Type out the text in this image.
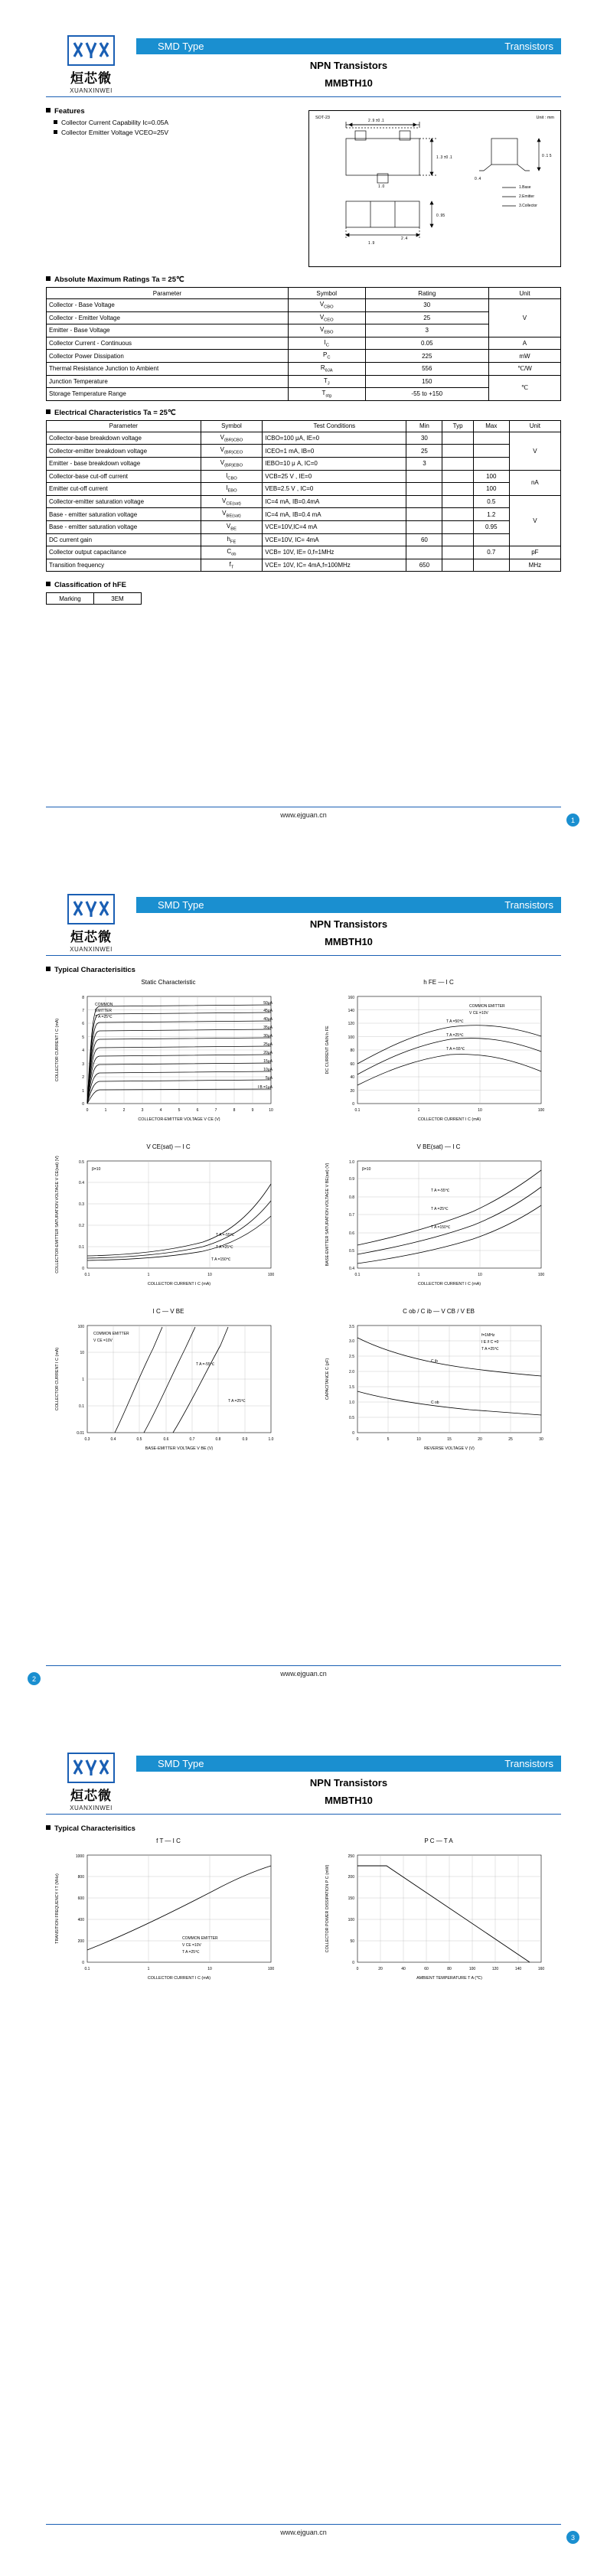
烜芯微
XUANXINWEI
SMD Type	Transistors
NPN Transistors
MMBTH10
Features
Collector Current Capability Ic=0.05A
Collector Emitter Voltage VCEO=25V
SOT-23	Unit : mm
2 .9 ±0 .1
1 .3 ±0 .1
1 .9
0 .95
0 .1 5
0 .4
1.Base
2.Emitter
3.Collector
1 .0
2 .4
Absolute Maximum Ratings Ta = 25℃
Parameter	Symbol	Rating	Unit
Collector - Base Voltage	$V_{CBO}$	30	V
Collector - Emitter Voltage	$V_{CEO}$	25	
Emitter - Base Voltage	$V_{EBO}$	3	
Collector Current - Continuous	$I_C$	0.05	A
Collector Power Dissipation	$P_C$	225	mW
Thermal Resistance Junction to Ambient	$R_{\theta JA}$	556	℃/W
Junction Temperature	$T_J$	150	℃
Storage Temperature Range	$T_{stg}$	-55 to +150	
Electrical Characteristics Ta = 25℃
Parameter	Symbol	Test Conditions	Min	Typ	Max	Unit
Collector-base breakdown voltage	$V_{(BR)CBO}$	ICBO=100 μA, IE=0	30			V
Collector-emitter breakdown voltage	$V_{(BR)CEO}$	ICEO=1 mA, IB=0	25			
Emitter - base breakdown voltage	$V_{(BR)EBO}$	IEBO=10 μ A, IC=0	3			
Collector-base cut-off current	$I_{CBO}$	VCB=25 V , IE=0			100	nA
Emitter cut-off current	$I_{EBO}$	VEB=2.5 V , IC=0			100	
Collector-emitter saturation voltage	$V_{CE(sat)}$	IC=4 mA, IB=0.4mA			0.5	V
Base - emitter saturation voltage	$V_{BE(sat)}$	IC=4 mA, IB=0.4 mA			1.2	
Base - emitter saturation voltage	$V_{BE}$	VCE=10V,IC=4 mA			0.95	
DC current gain	$h_{FE}$	VCE=10V, IC= 4mA	60			
Collector output capacitance	$C_{ob}$	VCB= 10V, IE= 0,f=1MHz			0.7	pF
Transition frequency	$f_T$	VCE= 10V, IC= 4mA,f=100MHz	650			MHz
Classification of hFE
Marking	3EM
www.ejguan.cn
1
烜芯微
XUANXINWEI
SMD Type	Transistors
NPN Transistors
MMBTH10
Typical Characterisitics
Static Characteristic
COMMON
EMITTER
T A =25℃
50μA
45μA
40μA
35μA
30μA
25μA
20μA
15μA
10μA
5μA
I B =1μA
0	1	2	3	4	5	6	7	8	9	10
0
1
2
3
4
5
6
7
8
COLLECTOR-EMITTER VOLTAGE V CE (V)
COLLECTOR CURRENT I C (mA)
h FE — I C
COMMON EMITTER
V CE =10V
T A =50℃
T A =25℃
T A =-55℃
0.1	1	10	100
0
20
40
60
80
100
120
140
160
COLLECTOR CURRENT I C (mA)
DC CURRENT GAIN h FE
V CE(sat) — I C
β=10
T A =-55℃
T A =25℃
T A =150℃
0.1	1	10	100
0
0.1
0.2
0.3
0.4
0.5
COLLECTOR CURRENT I C (mA)
COLLECTOR-EMITTER SATURATION VOLTAGE V CE(sat) (V)
V BE(sat) — I C
β=10
T A =-55℃
T A =25℃
T A =150℃
0.1	1	10	100
0.4
0.5
0.6
0.7
0.8
0.9
1.0
COLLECTOR CURRENT I C (mA)
BASE-EMITTER SATURATION VOLTAGE V BE(sat) (V)
I C — V BE
COMMON EMITTER
V CE =10V
T A =-55℃
T A =25℃
0.3	0.4	0.5	0.6	0.7	0.8	0.9	1.0
0.01
0.1
1
10
100
BASE-EMITTER VOLTAGE V BE (V)
COLLECTOR CURRENT I C (mA)
C ob / C ib — V CB / V EB
f=1MHz
I E /I C =0
T A =25℃
C ib
C ob
0	5	10	15	20	25	30
0
0.5
1.0
1.5
2.0
2.5
3.0
3.5
REVERSE VOLTAGE V (V)
CAPACITANCE C (pF)
www.ejguan.cn
2
烜芯微
XUANXINWEI
SMD Type	Transistors
NPN Transistors
MMBTH10
Typical Characterisitics
f T — I C
COMMON EMITTER
V CE =10V
T A =25℃
0.1	1	10	100
0
200
400
600
800
1000
COLLECTOR CURRENT I C (mA)
TRANSITION FREQUENCY f T (MHz)
P C — T A
0	20	40	60	80	100	120	140	160
0
50
100
150
200
250
AMBIENT TEMPERATURE T A (℃)
COLLECTOR POWER DISSIPATION P C (mW)
www.ejguan.cn
3
